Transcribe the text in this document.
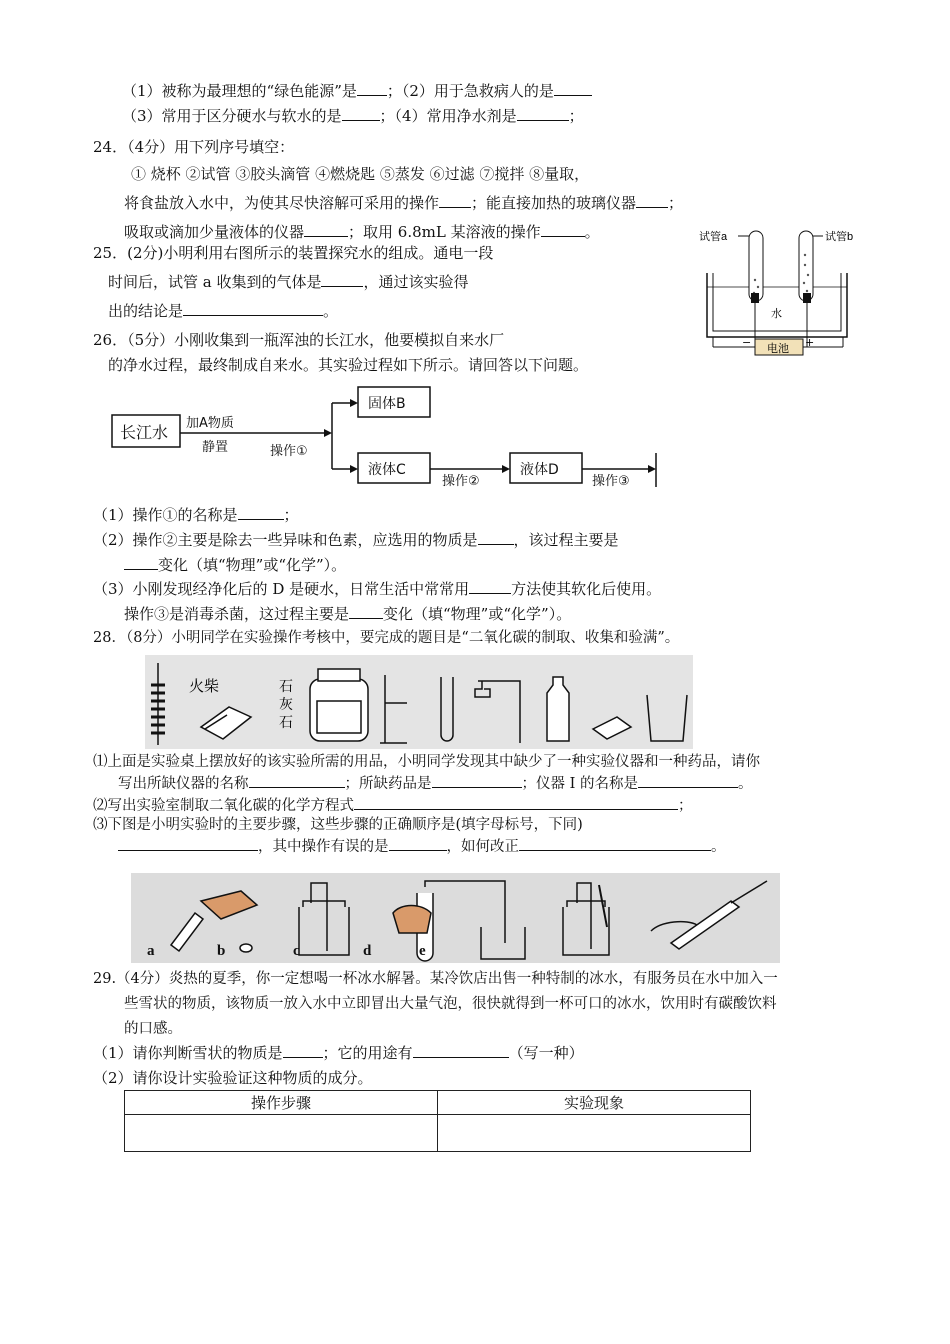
（1）被称为最理想的“绿色能源”是 ；（2）用于急救病人的是
（3）常用于区分硬水与软水的是	；（4）常用净水剂是	；
24．（4分）用下列序号填空：
① 烧杯 ②试管 ③胶头滴管 ④燃烧匙 ⑤蒸发 ⑥过滤 ⑦搅拌 ⑧量取，
将食盐放入水中，为使其尽快溶解可采用的操作 ；能直接加热的玻璃仪器 ；
吸取或滴加少量液体的仪器	；取用 6.8mL 某溶液的操作	。
25．(2分)小明利用右图所示的装置探究水的组成。通电一段
时间后，试管 a 收集到的气体是	，通过该实验得
出的结论是	。
试管a	试管b
水
电池
−	+
26．（5分）小刚收集到一瓶浑浊的长江水，他要模拟自来水厂
的净水过程，最终制成自来水。其实验过程如下所示。请回答以下问题。
长江水 加A物质
静置	操作①
固体B
液体C
操作②
液体D
操作③
（1）操作①的名称是	；
（2）操作②主要是除去一些异味和色素，应选用的物质是 ，该过程主要是
变化（填“物理”或“化学”）。
（3）小刚发现经净化后的 D 是硬水，日常生活中常常用	方法使其软化后使用。
操作③是消毒杀菌，这过程主要是 变化（填“物理”或“化学”）。
28．（8分）小明同学在实验操作考核中，要完成的题目是“二氧化碳的制取、收集和验满”。
火柴	石
灰
石
⑴上面是实验桌上摆放好的该实验所需的用品，小明同学发现其中缺少了一种实验仪器和一种药品，请你
写出所缺仪器的名称	；所缺药品是	；仪器 I 的名称是	。
⑵写出实验室制取二氧化碳的化学方程式	；
⑶下图是小明实验时的主要步骤，这些步骤的正确顺序是(填字母标号，下同)
，其中操作有误的是	，如何改正	。
a	b	c	d	e
29.（4分）炎热的夏季，你一定想喝一杯冰水解暑。某冷饮店出售一种特制的冰水，有服务员在水中加入一
些雪状的物质，该物质一放入水中立即冒出大量气泡，很快就得到一杯可口的冰水，饮用时有碳酸饮料
的口感。
（1）请你判断雪状的物质是	；它的用途有	（写一种）
（2）请你设计实验验证这种物质的成分。
操作步骤	实验现象
